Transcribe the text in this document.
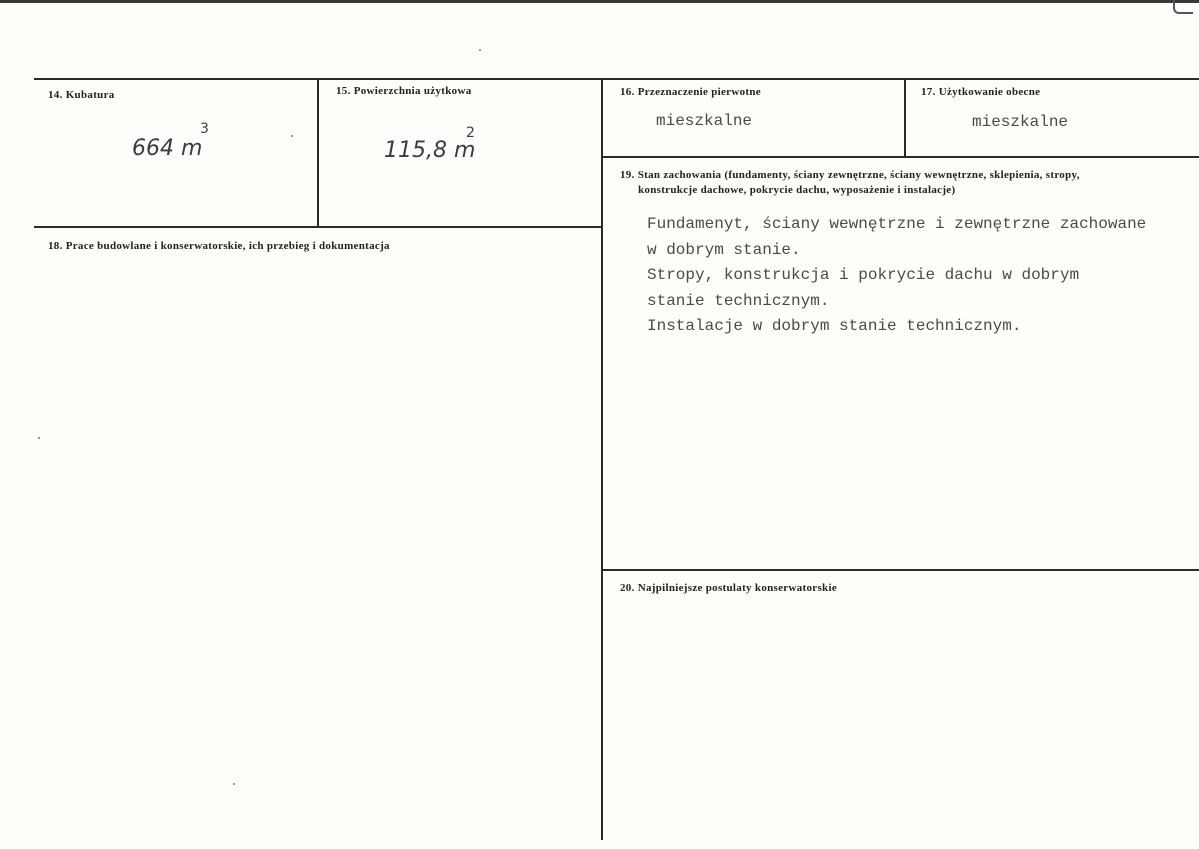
14. Kubatura
664 m
3
15. Powierzchnia użytkowa
115,8 m
2
16. Przeznaczenie pierwotne
mieszkalne
17. Użytkowanie obecne
mieszkalne
19. Stan zachowania (fundamenty, ściany zewnętrzne, ściany wewnętrzne, sklepienia, stropy,
konstrukcje dachowe, pokrycie dachu, wyposażenie i instalacje)
Fundamenyt, ściany wewnętrzne i zewnętrzne zachowane
w dobrym stanie.
Stropy, konstrukcja i pokrycie dachu w dobrym
stanie technicznym.
Instalacje w dobrym stanie technicznym.
18. Prace budowlane i konserwatorskie, ich przebieg i dokumentacja
20. Najpilniejsze postulaty konserwatorskie
